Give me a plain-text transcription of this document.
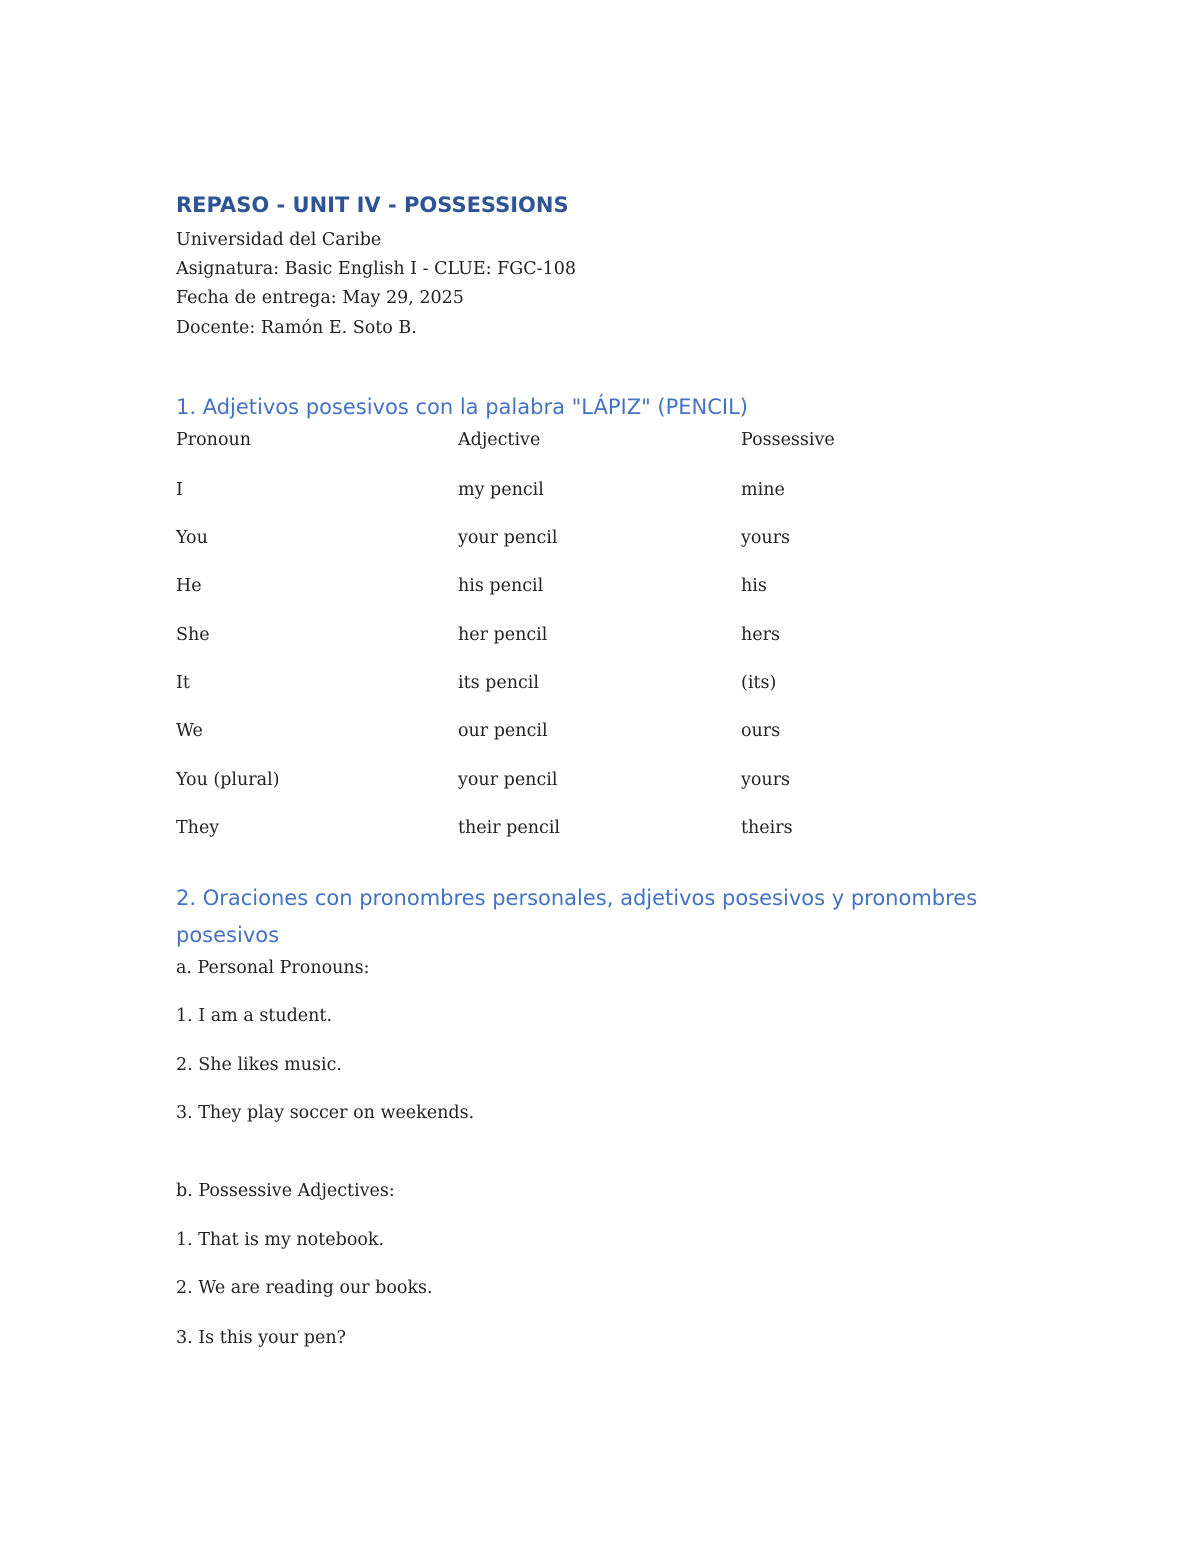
REPASO - UNIT IV - POSSESSIONS

Universidad del Caribe

Asignatura: Basic English I - CLUE: FGC-108

Fecha de entrega: May 29, 2025

Docente: Ramón E. Soto B.

1. Adjetivos posesivos con la palabra "LÁPIZ" (PENCIL)

Pronoun	Adjective	Possessive

I	my pencil	mine

You	your pencil	yours

He	his pencil	his

She	her pencil	hers

It	its pencil	(its)

We	our pencil	ours

You (plural)	your pencil	yours

They	their pencil	theirs

2. Oraciones con pronombres personales, adjetivos posesivos y pronombres
posesivos

a. Personal Pronouns:

1. I am a student.

2. She likes music.

3. They play soccer on weekends.

b. Possessive Adjectives:

1. That is my notebook.

2. We are reading our books.

3. Is this your pen?
